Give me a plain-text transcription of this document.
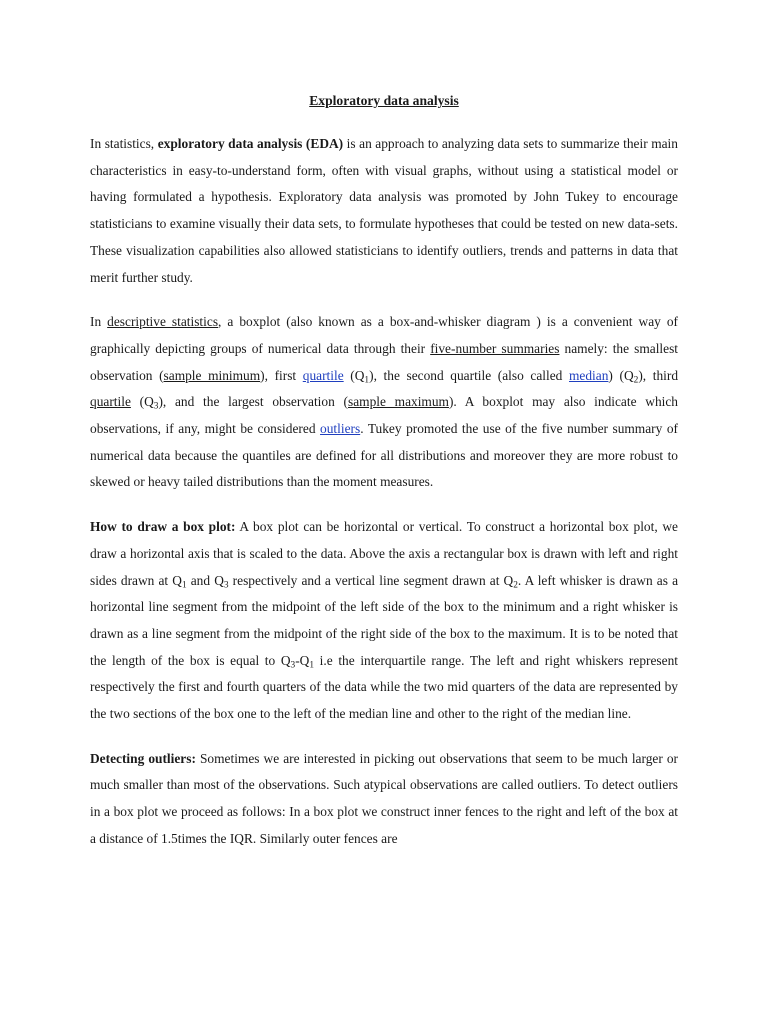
Exploratory data analysis

In statistics, exploratory data analysis (EDA) is an approach to analyzing data sets to summarize their main characteristics in easy-to-understand form, often with visual graphs, without using a statistical model or having formulated a hypothesis. Exploratory data analysis was promoted by John Tukey to encourage statisticians to examine visually their data sets, to formulate hypotheses that could be tested on new data-sets. These visualization capabilities also allowed statisticians to identify outliers, trends and patterns in data that merit further study.

In descriptive statistics, a boxplot (also known as a box-and-whisker diagram ) is a convenient way of graphically depicting groups of numerical data through their five-number summaries namely: the smallest observation (sample minimum), first quartile $(Q_1)$, the second quartile (also called median) $(Q_2)$, third quartile $(Q_3)$, and the largest observation (sample maximum). A boxplot may also indicate which observations, if any, might be considered outliers. Tukey promoted the use of the five number summary of numerical data because the quantiles are defined for all distributions and moreover they are more robust to skewed or heavy tailed distributions than the moment measures.

How to draw a box plot: A box plot can be horizontal or vertical. To construct a horizontal box plot, we draw a horizontal axis that is scaled to the data. Above the axis a rectangular box is drawn with left and right sides drawn at $Q_1$ and $Q_3$ respectively and a vertical line segment drawn at $Q_2$. A left whisker is drawn as a horizontal line segment from the midpoint of the left side of the box to the minimum and a right whisker is drawn as a line segment from the midpoint of the right side of the box to the maximum. It is to be noted that the length of the box is equal to $Q_3-Q_1$ i.e the interquartile range. The left and right whiskers represent respectively the first and fourth quarters of the data while the two mid quarters of the data are represented by the two sections of the box one to the left of the median line and other to the right of the median line.

Detecting outliers: Sometimes we are interested in picking out observations that seem to be much larger or much smaller than most of the observations. Such atypical observations are called outliers. To detect outliers in a box plot we proceed as follows: In a box plot we construct inner fences to the right and left of the box at a distance of 1.5times the IQR. Similarly outer fences are
